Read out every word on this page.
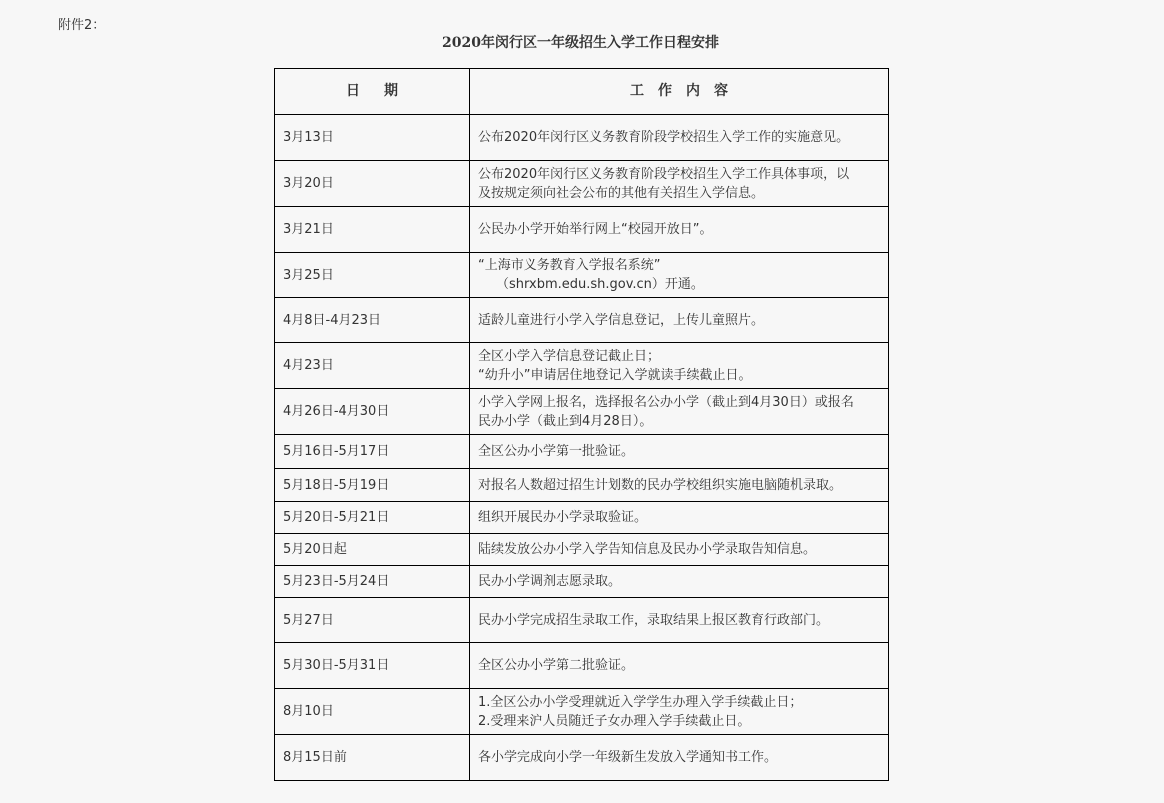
附件2：
2020年闵行区一年级招生入学工作日程安排
日期	工作内容
3月13日	公布2020年闵行区义务教育阶段学校招生入学工作的实施意见。

3月20日	公布2020年闵行区义务教育阶段学校招生入学工作具体事项，以
及按规定须向社会公布的其他有关招生入学信息。

3月21日	公民办小学开始举行网上“校园开放日”。

3月25日	“上海市义务教育入学报名系统”
（shrxbm.edu.sh.gov.cn）开通。

4月8日-4月23日	适龄儿童进行小学入学信息登记，上传儿童照片。

4月23日	全区小学入学信息登记截止日；
“幼升小”申请居住地登记入学就读手续截止日。

4月26日-4月30日	小学入学网上报名，选择报名公办小学（截止到4月30日）或报名
民办小学（截止到4月28日）。

5月16日-5月17日	全区公办小学第一批验证。

5月18日-5月19日	对报名人数超过招生计划数的民办学校组织实施电脑随机录取。

5月20日-5月21日	组织开展民办小学录取验证。

5月20日起	陆续发放公办小学入学告知信息及民办小学录取告知信息。

5月23日-5月24日	民办小学调剂志愿录取。

5月27日	民办小学完成招生录取工作，录取结果上报区教育行政部门。

5月30日-5月31日	全区公办小学第二批验证。

8月10日	1.全区公办小学受理就近入学学生办理入学手续截止日；
2.受理来沪人员随迁子女办理入学手续截止日。

8月15日前	各小学完成向小学一年级新生发放入学通知书工作。
